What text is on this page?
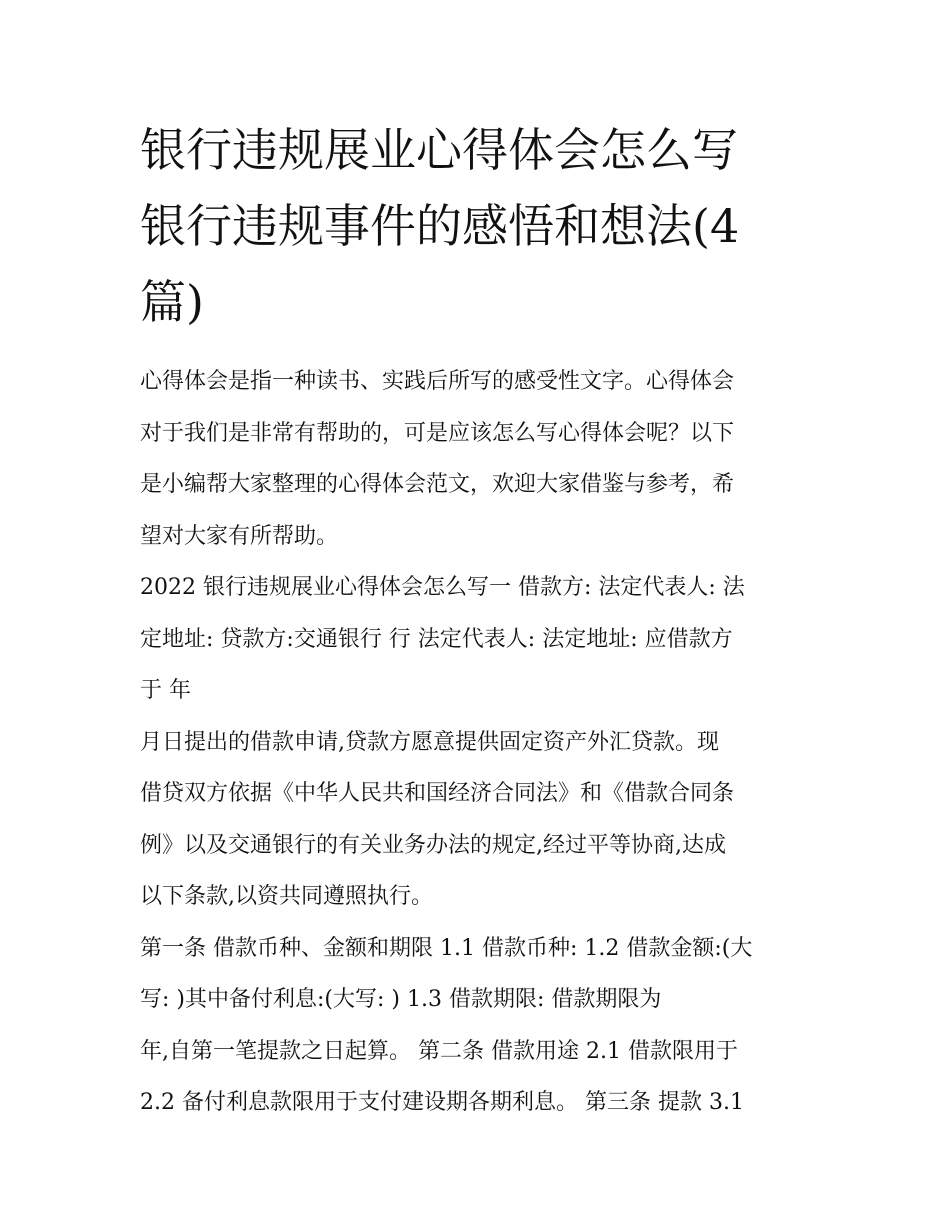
银行违规展业心得体会怎么写
银行违规事件的感悟和想法(4
篇)
心得体会是指一种读书、实践后所写的感受性文字。心得体会
对于我们是非常有帮助的，可是应该怎么写心得体会呢？以下
是小编帮大家整理的心得体会范文，欢迎大家借鉴与参考，希
望对大家有所帮助。
2022 银行违规展业心得体会怎么写一 借款方: 法定代表人: 法
定地址: 贷款方:交通银行 行 法定代表人: 法定地址: 应借款方
于 年
月日提出的借款申请,贷款方愿意提供固定资产外汇贷款。现
借贷双方依据《中华人民共和国经济合同法》和《借款合同条
例》以及交通银行的有关业务办法的规定,经过平等协商,达成
以下条款,以资共同遵照执行。
第一条 借款币种、金额和期限 1.1 借款币种: 1.2 借款金额:(大
写: )其中备付利息:(大写: ) 1.3 借款期限: 借款期限为
年,自第一笔提款之日起算。 第二条 借款用途 2.1 借款限用于
2.2 备付利息款限用于支付建设期各期利息。 第三条 提款 3.1
